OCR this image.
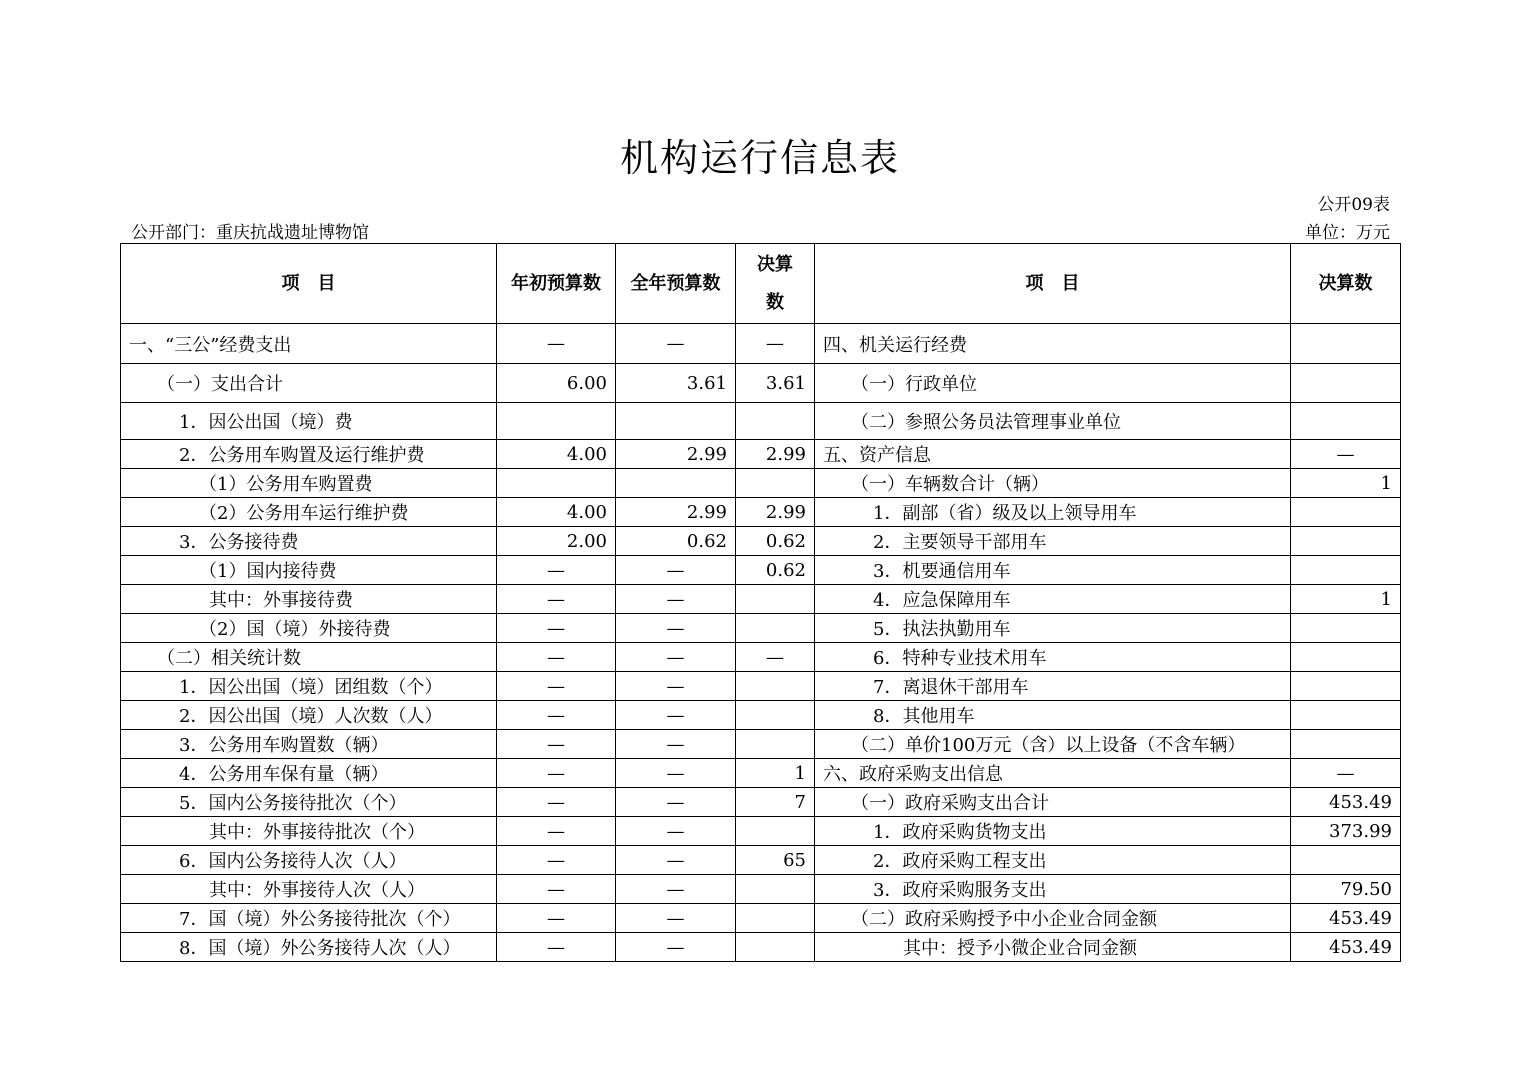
机构运行信息表
公开09表
公开部门：重庆抗战遗址博物馆	单位：万元
项　目	年初预算数	全年预算数	决算数	项　目	决算数
一、“三公”经费支出	—	—	—	四、机关运行经费	
（一）支出合计	6.00	3.61	3.61	（一）行政单位	
1．因公出国（境）费				（二）参照公务员法管理事业单位	
2．公务用车购置及运行维护费	4.00	2.99	2.99	五、资产信息	—
（1）公务用车购置费				（一）车辆数合计（辆）	1
（2）公务用车运行维护费	4.00	2.99	2.99	1．副部（省）级及以上领导用车	
3．公务接待费	2.00	0.62	0.62	2．主要领导干部用车	
（1）国内接待费	—	—	0.62	3．机要通信用车	
其中：外事接待费	—	—		4．应急保障用车	1
（2）国（境）外接待费	—	—		5．执法执勤用车	
（二）相关统计数	—	—	—	6．特种专业技术用车	
1．因公出国（境）团组数（个）	—	—		7．离退休干部用车	
2．因公出国（境）人次数（人）	—	—		8．其他用车	
3．公务用车购置数（辆）	—	—		（二）单价100万元（含）以上设备（不含车辆）	
4．公务用车保有量（辆）	—	—	1	六、政府采购支出信息	—
5．国内公务接待批次（个）	—	—	7	（一）政府采购支出合计	453.49
其中：外事接待批次（个）	—	—		1．政府采购货物支出	373.99
6．国内公务接待人次（人）	—	—	65	2．政府采购工程支出	
其中：外事接待人次（人）	—	—		3．政府采购服务支出	79.50
7．国（境）外公务接待批次（个）	—	—		（二）政府采购授予中小企业合同金额	453.49
8．国（境）外公务接待人次（人）	—	—		其中：授予小微企业合同金额	453.49
